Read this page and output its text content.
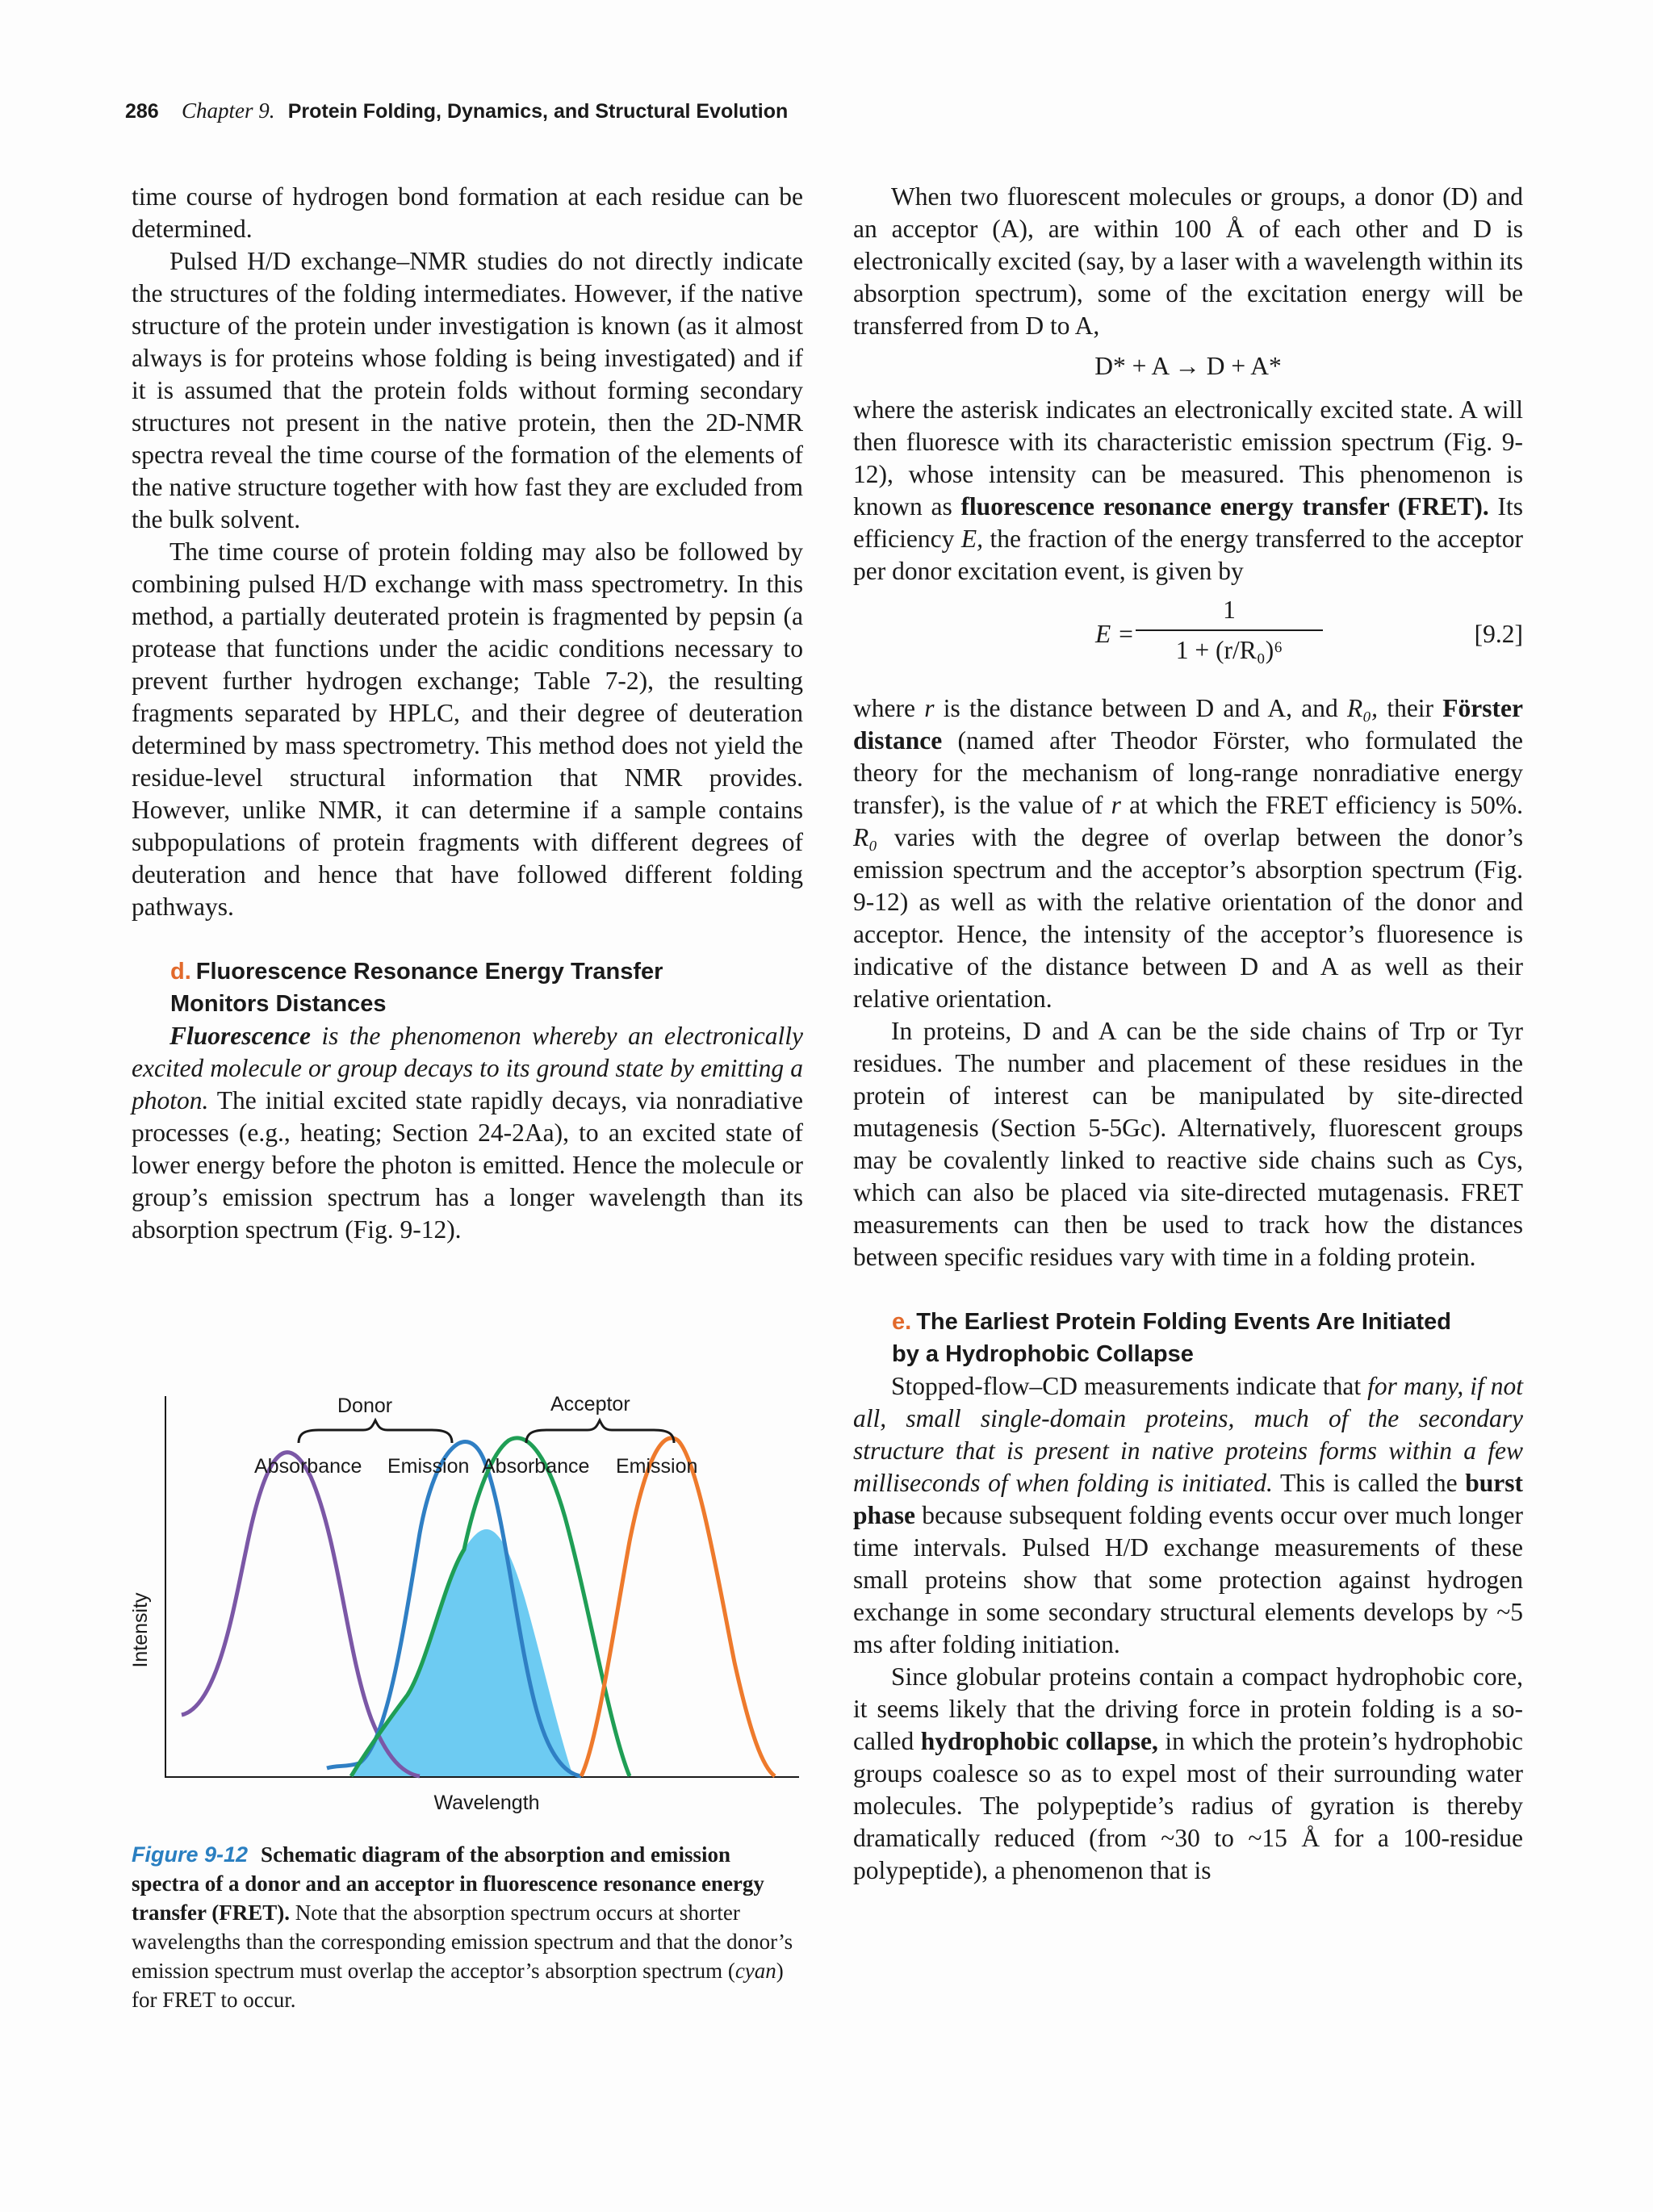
286 Chapter 9. Protein Folding, Dynamics, and Structural Evolution

time course of hydrogen bond formation at each residue can be determined.

Pulsed H/D exchange–NMR studies do not directly indicate the structures of the folding intermediates. However, if the native structure of the protein under investigation is known (as it almost always is for proteins whose folding is being investigated) and if it is assumed that the protein folds without forming secondary structures not present in the native protein, then the 2D-NMR spectra reveal the time course of the formation of the elements of the native structure together with how fast they are excluded from the bulk solvent.

The time course of protein folding may also be followed by combining pulsed H/D exchange with mass spectrometry. In this method, a partially deuterated protein is fragmented by pepsin (a protease that functions under the acidic conditions necessary to prevent further hydrogen exchange; Table 7-2), the resulting fragments separated by HPLC, and their degree of deuteration determined by mass spectrometry. This method does not yield the residue-level structural information that NMR provides. However, unlike NMR, it can determine if a sample contains subpopulations of protein fragments with different degrees of deuteration and hence that have followed different folding pathways.

d. Fluorescence Resonance Energy Transfer
Monitors Distances

Fluorescence is the phenomenon whereby an electronically excited molecule or group decays to its ground state by emitting a photon. The initial excited state rapidly decays, via nonradiative processes (e.g., heating; Section 24-2Aa), to an excited state of lower energy before the photon is emitted. Hence the molecule or group’s emission spectrum has a longer wavelength than its absorption spectrum (Fig. 9-12).

Donor	Acceptor
Absorbance Emission Absorbance Emission
Intensity
Wavelength
Figure 9-12 Schematic diagram of the absorption and emission spectra of a donor and an acceptor in fluorescence resonance energy transfer (FRET). Note that the absorption spectrum occurs at shorter wavelengths than the corresponding emission spectrum and that the donor’s emission spectrum must overlap the acceptor’s absorption spectrum (cyan) for FRET to occur.

When two fluorescent molecules or groups, a donor (D) and an acceptor (A), are within 100 Å of each other and D is electronically excited (say, by a laser with a wavelength within its absorption spectrum), some of the excitation energy will be transferred from D to A,

D* + A → D + A*

where the asterisk indicates an electronically excited state. A will then fluoresce with its characteristic emission spectrum (Fig. 9-12), whose intensity can be measured. This phenomenon is known as fluorescence resonance energy transfer (FRET). Its efficiency E, the fraction of the energy transferred to the acceptor per donor excitation event, is given by

$E = \frac{1}{\text{1 + (r/R₀)⁶}}$	[9.2]

where r is the distance between D and A, and R₀, their Förster distance (named after Theodor Förster, who formulated the theory for the mechanism of long-range nonradiative energy transfer), is the value of r at which the FRET efficiency is 50%. R₀ varies with the degree of overlap between the donor’s emission spectrum and the acceptor’s absorption spectrum (Fig. 9-12) as well as with the relative orientation of the donor and acceptor. Hence, the intensity of the acceptor’s fluoresence is indicative of the distance between D and A as well as their relative orientation.

In proteins, D and A can be the side chains of Trp or Tyr residues. The number and placement of these residues in the protein of interest can be manipulated by site-directed mutagenesis (Section 5-5Gc). Alternatively, fluorescent groups may be covalently linked to reactive side chains such as Cys, which can also be placed via site-directed mutagenasis. FRET measurements can then be used to track how the distances between specific residues vary with time in a folding protein.

e. The Earliest Protein Folding Events Are Initiated
by a Hydrophobic Collapse

Stopped-flow–CD measurements indicate that for many, if not all, small single-domain proteins, much of the secondary structure that is present in native proteins forms within a few milliseconds of when folding is initiated. This is called the burst phase because subsequent folding events occur over much longer time intervals. Pulsed H/D exchange measurements of these small proteins show that some protection against hydrogen exchange in some secondary structural elements develops by ~5 ms after folding initiation.

Since globular proteins contain a compact hydrophobic core, it seems likely that the driving force in protein folding is a so-called hydrophobic collapse, in which the protein’s hydrophobic groups coalesce so as to expel most of their surrounding water molecules. The polypeptide’s radius of gyration is thereby dramatically reduced (from ~30 to ~15 Å for a 100-residue polypeptide), a phenomenon that is
